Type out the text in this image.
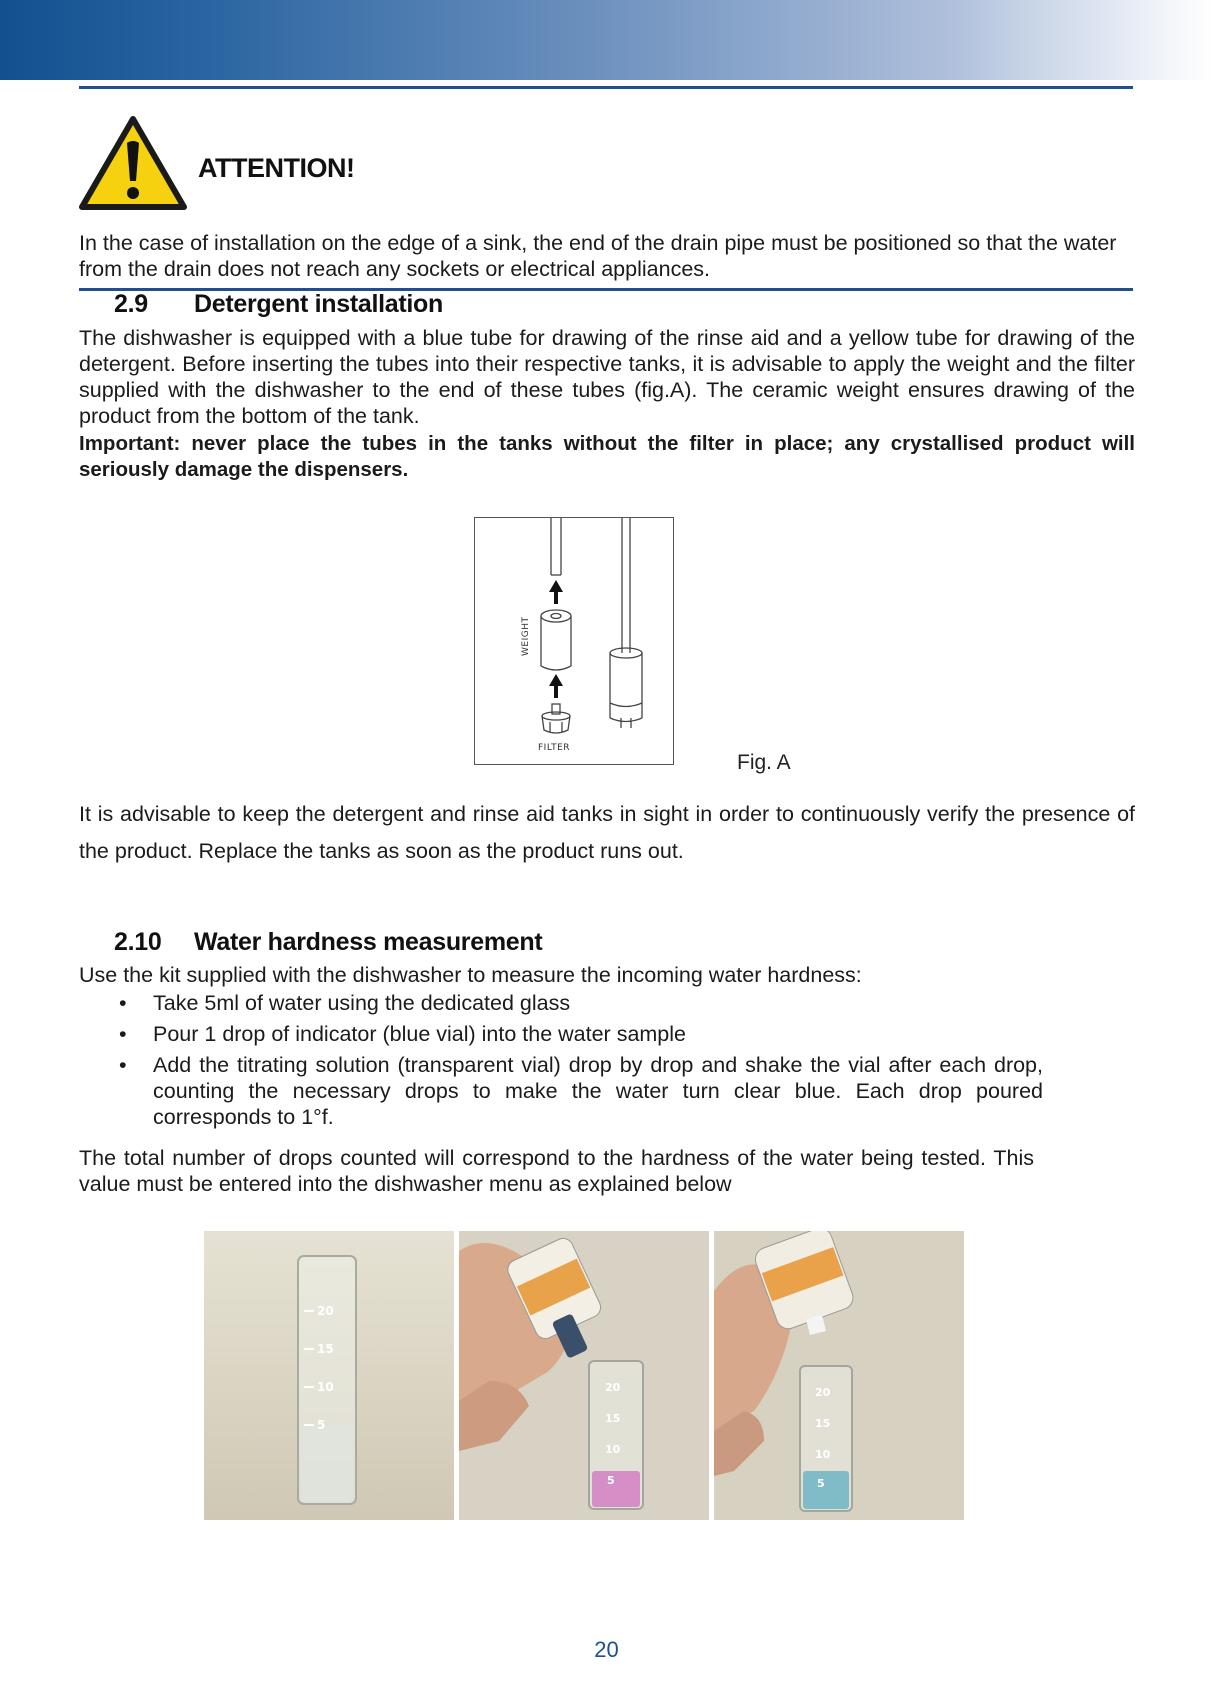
ATTENTION!
In the case of installation on the edge of a sink, the end of the drain pipe must be positioned so that the water from the drain does not reach any sockets or electrical appliances.
2.9 Detergent installation
The dishwasher is equipped with a blue tube for drawing of the rinse aid and a yellow tube for drawing of the detergent. Before inserting the tubes into their respective tanks, it is advisable to apply the weight and the filter supplied with the dishwasher to the end of these tubes (fig.A). The ceramic weight ensures drawing of the product from the bottom of the tank.
Important: never place the tubes in the tanks without the filter in place; any crystallised product will seriously damage the dispensers.
WEIGHT
FILTER
Fig. A
It is advisable to keep the detergent and rinse aid tanks in sight in order to continuously verify the presence of the product. Replace the tanks as soon as the product runs out.
2.10 Water hardness measurement
Use the kit supplied with the dishwasher to measure the incoming water hardness:
• Take 5ml of water using the dedicated glass
• Pour 1 drop of indicator (blue vial) into the water sample
• Add the titrating solution (transparent vial) drop by drop and shake the vial after each drop, counting the necessary drops to make the water turn clear blue. Each drop poured corresponds to 1°f.
The total number of drops counted will correspond to the hardness of the water being tested. This value must be entered into the dishwasher menu as explained below
20
15
10
5
20
15
10
5
20
15
10
5
20
